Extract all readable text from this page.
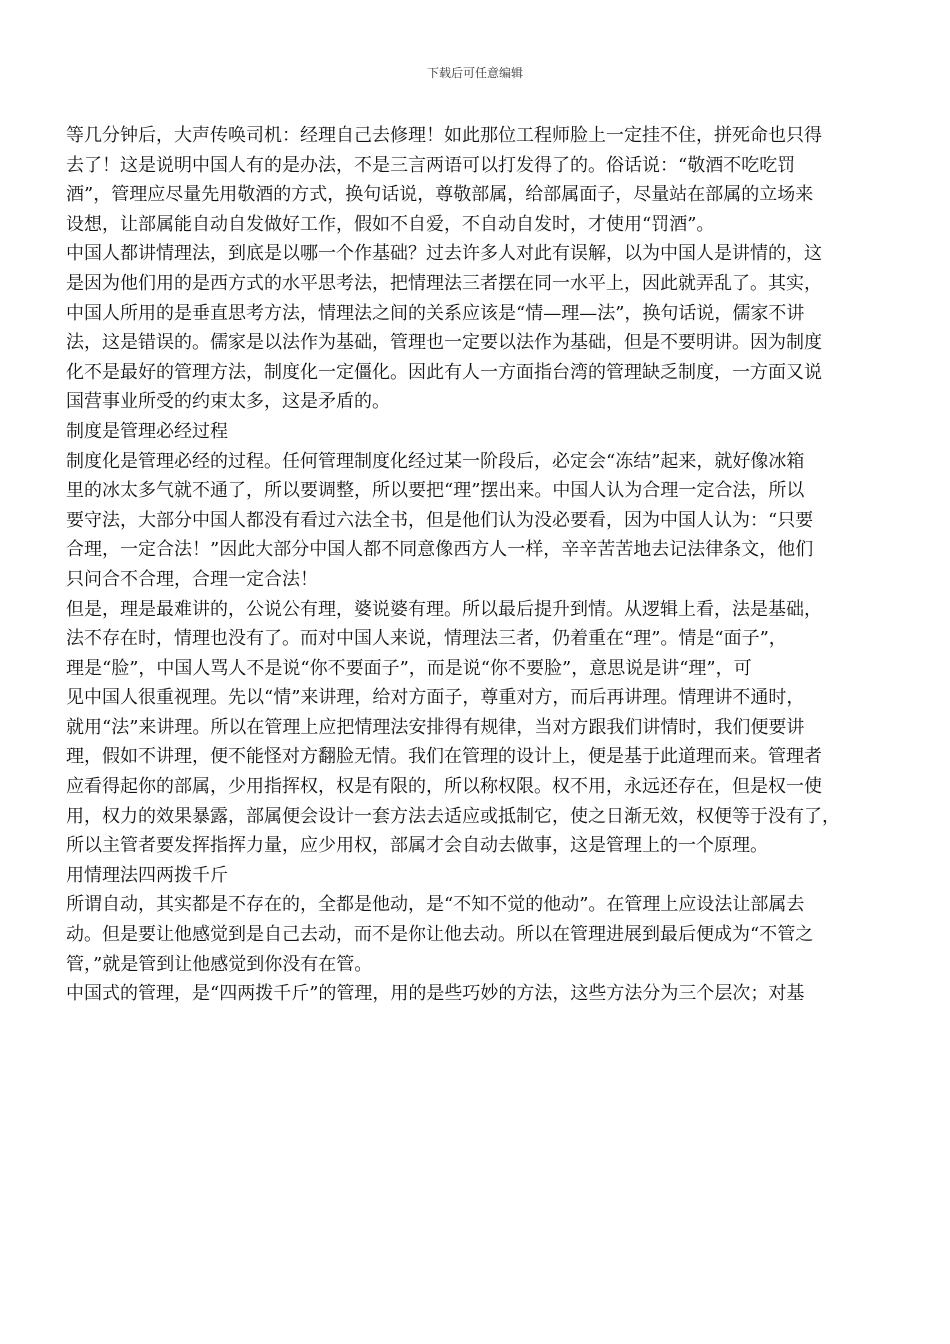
下载后可任意编辑
等几分钟后，大声传唤司机：经理自己去修理！如此那位工程师脸上一定挂不住，拼死命也只得
去了！这是说明中国人有的是办法，不是三言两语可以打发得了的。俗话说：“敬酒不吃吃罚
酒”，管理应尽量先用敬酒的方式，换句话说，尊敬部属，给部属面子，尽量站在部属的立场来
设想，让部属能自动自发做好工作，假如不自爱，不自动自发时，才使用“罚酒”。
中国人都讲情理法，到底是以哪一个作基础？过去许多人对此有误解，以为中国人是讲情的，这
是因为他们用的是西方式的水平思考法，把情理法三者摆在同一水平上，因此就弄乱了。其实，
中国人所用的是垂直思考方法，情理法之间的关系应该是“情—理—法”，换句话说，儒家不讲
法，这是错误的。儒家是以法作为基础，管理也一定要以法作为基础，但是不要明讲。因为制度
化不是最好的管理方法，制度化一定僵化。因此有人一方面指台湾的管理缺乏制度，一方面又说
国营事业所受的约束太多，这是矛盾的。
制度是管理必经过程
制度化是管理必经的过程。任何管理制度化经过某一阶段后，必定会“冻结”起来，就好像冰箱
里的冰太多气就不通了，所以要调整，所以要把“理”摆出来。中国人认为合理一定合法，所以
要守法，大部分中国人都没有看过六法全书，但是他们认为没必要看，因为中国人认为：“只要
合理，一定合法！”因此大部分中国人都不同意像西方人一样，辛辛苦苦地去记法律条文，他们
只问合不合理，合理一定合法！
但是，理是最难讲的，公说公有理，婆说婆有理。所以最后提升到情。从逻辑上看，法是基础，
法不存在时，情理也没有了。而对中国人来说，情理法三者，仍着重在“理”。情是“面子”，
理是“脸”，中国人骂人不是说“你不要面子”，而是说“你不要脸”，意思说是讲“理”，可
见中国人很重视理。先以“情”来讲理，给对方面子，尊重对方，而后再讲理。情理讲不通时，
就用“法”来讲理。所以在管理上应把情理法安排得有规律，当对方跟我们讲情时，我们便要讲
理，假如不讲理，便不能怪对方翻脸无情。我们在管理的设计上，便是基于此道理而来。管理者
应看得起你的部属，少用指挥权，权是有限的，所以称权限。权不用，永远还存在，但是权一使
用，权力的效果暴露，部属便会设计一套方法去适应或抵制它，使之日渐无效，权便等于没有了，
所以主管者要发挥指挥力量，应少用权，部属才会自动去做事，这是管理上的一个原理。
用情理法四两拨千斤
所谓自动，其实都是不存在的，全都是他动，是“不知不觉的他动”。在管理上应设法让部属去
动。但是要让他感觉到是自己去动，而不是你让他去动。所以在管理进展到最后便成为“不管之
管，”就是管到让他感觉到你没有在管。
中国式的管理，是“四两拨千斤”的管理，用的是些巧妙的方法，这些方法分为三个层次；对基
